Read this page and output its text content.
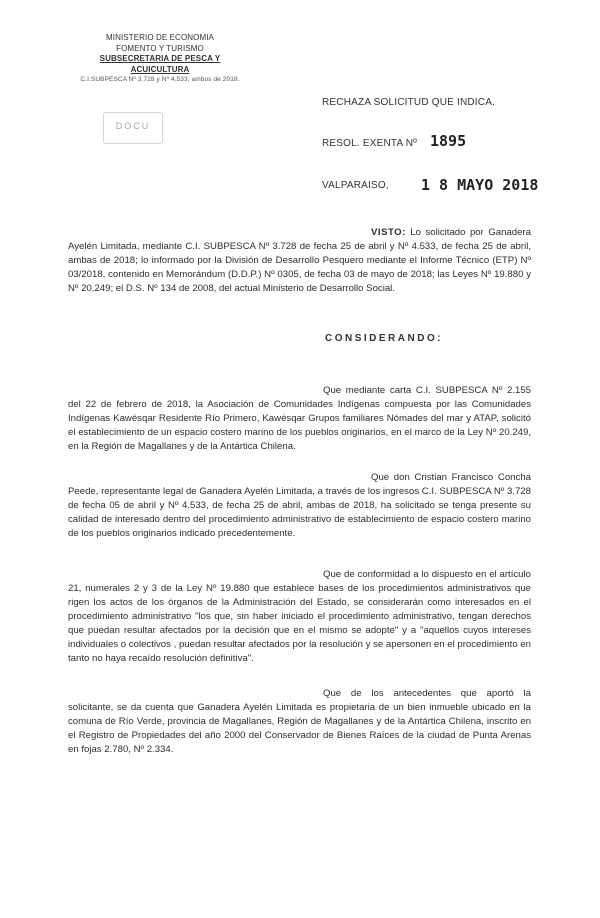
MINISTERIO DE ECONOMIA
FOMENTO Y TURISMO
SUBSECRETARIA DE PESCA Y ACUICULTURA
C.I.SUBPESCA Nº 3.728 y Nº 4.533, ambos de 2018.
DOCU
RECHAZA SOLICITUD QUE INDICA.
RESOL. EXENTA Nº 1895
VALPARAISO, 1 8 MAYO 2018
VISTO: Lo solicitado por Ganadera Ayelén Limitada, mediante C.I. SUBPESCA Nº 3.728 de fecha 25 de abril y Nº 4.533, de fecha 25 de abril, ambas de 2018; lo informado por la División de Desarrollo Pesquero mediante el Informe Técnico (ETP) Nº 03/2018, contenido en Memorándum (D.D.P.) Nº 0305, de fecha 03 de mayo de 2018; las Leyes Nº 19.880 y Nº 20.249; el D.S. Nº 134 de 2008, del actual Ministerio de Desarrollo Social.
CONSIDERANDO:
Que mediante carta C.I. SUBPESCA Nº 2.155 del 22 de febrero de 2018, la Asociación de Comunidades Indígenas compuesta por las Comunidades Indígenas Kawésqar Residente Río Primero, Kawésqar Grupos familiares Nómades del mar y ATAP, solicitó el establecimiento de un espacio costero marino de los pueblos originarios, en el marco de la Ley Nº 20.249, en la Región de Magallanes y de la Antártica Chilena.
Que don Cristian Francisco Concha Peede, representante legal de Ganadera Ayelén Limitada, a través de los ingresos C.I. SUBPESCA Nº 3.728 de fecha 05 de abril y Nº 4.533, de fecha 25 de abril, ambas de 2018, ha solicitado se tenga presente su calidad de interesado dentro del procedimiento administrativo de establecimiento de espacio costero marino de los pueblos originarios indicado precedentemente.
Que de conformidad a lo dispuesto en el artículo 21, numerales 2 y 3 de la Ley Nº 19.880 que establece bases de los procedimientos administrativos que rigen los actos de los órganos de la Administración del Estado, se considerarán como interesados en el procedimiento administrativo "los que, sin haber iniciado el procedimiento administrativo, tengan derechos que puedan resultar afectados por la decisión que en el mismo se adopte" y a "aquellos cuyos intereses individuales o colectivos , puedan resultar afectados por la resolución y se apersonen en el procedimiento en tanto no haya recaído resolución definitiva".
Que de los antecedentes que aportó la solicitante, se da cuenta que Ganadera Ayelén Limitada es propietaria de un bien inmueble ubicado en la comuna de Río Verde, provincia de Magallanes, Región de Magallanes y de la Antártica Chilena, inscrito en el Registro de Propiedades del año 2000 del Conservador de Bienes Raíces de la ciudad de Punta Arenas en fojas 2.780, Nº 2.334.
